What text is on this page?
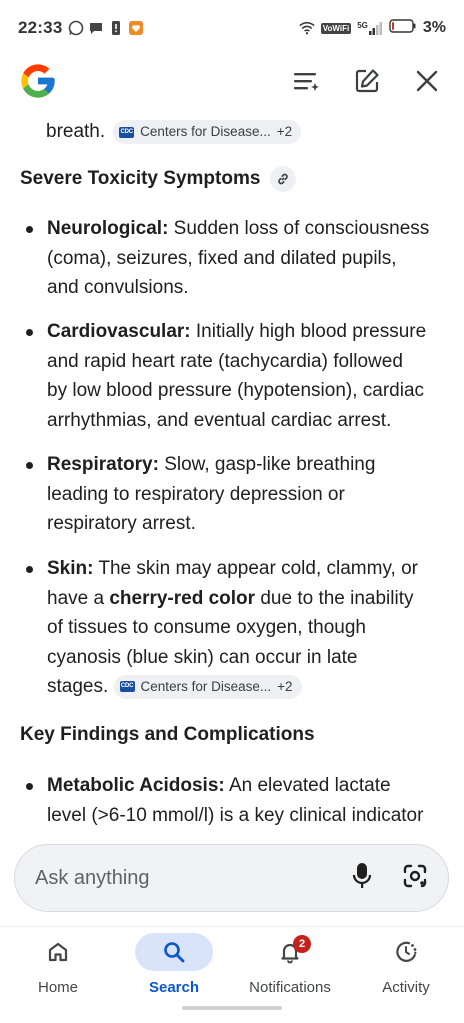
22:33	VoWiFi 5G	3%
breath.	CDC Centers for Disease... +2
Severe Toxicity Symptoms
Neurological: Sudden loss of consciousness
(coma), seizures, fixed and dilated pupils,
and convulsions.
Cardiovascular: Initially high blood pressure
and rapid heart rate (tachycardia) followed
by low blood pressure (hypotension), cardiac
arrhythmias, and eventual cardiac arrest.
Respiratory: Slow, gasp-like breathing
leading to respiratory depression or
respiratory arrest.
Skin: The skin may appear cold, clammy, or
have a cherry-red color due to the inability
of tissues to consume oxygen, though
cyanosis (blue skin) can occur in late
stages. CDC Centers for Disease... +2
Key Findings and Complications
Metabolic Acidosis: An elevated lactate
level (>6-10 mmol/l) is a key clinical indicator
Ask anything
Home	Search
2
Notifications	Activity
